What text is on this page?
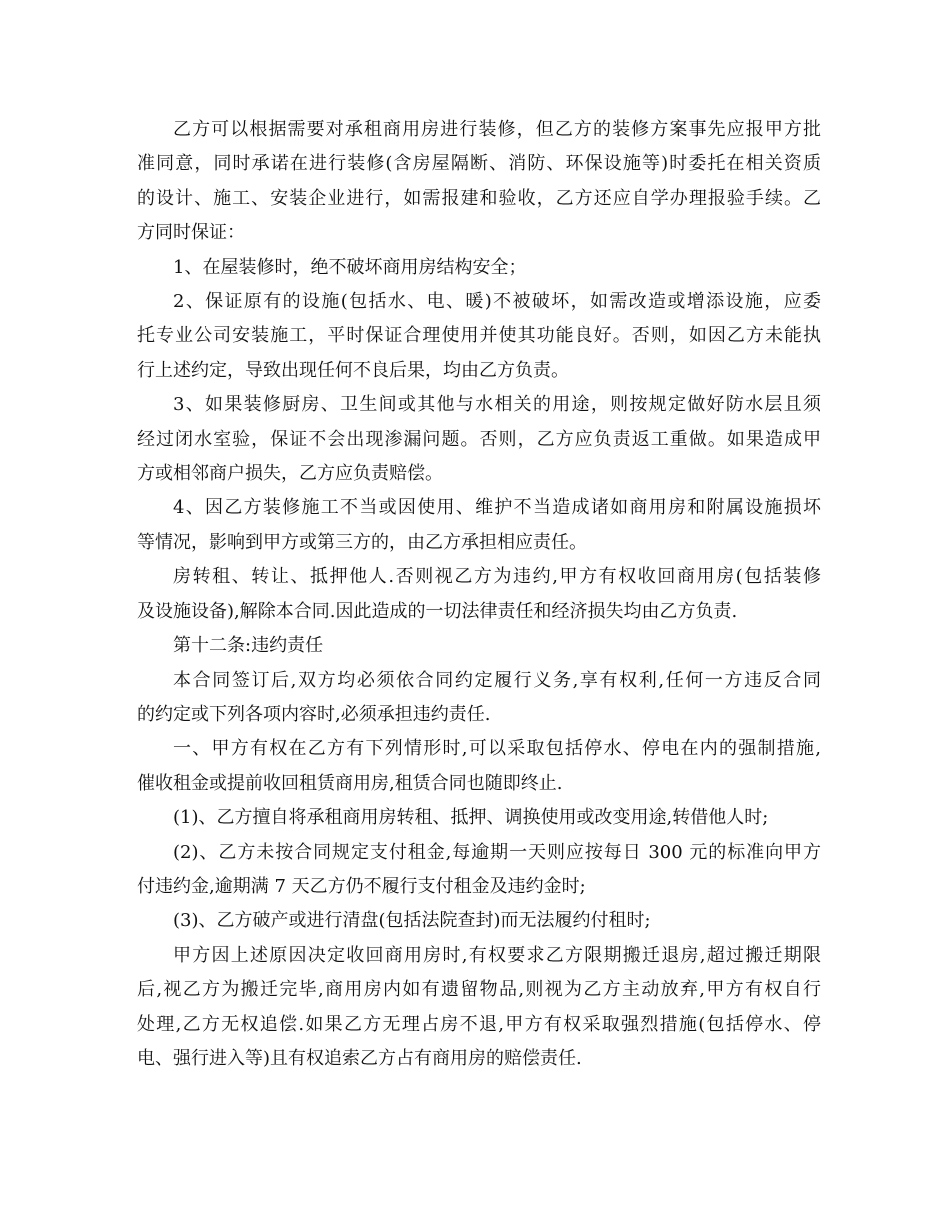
乙方可以根据需要对承租商用房进行装修，但乙方的装修方案事先应报甲方批
准同意，同时承诺在进行装修(含房屋隔断、消防、环保设施等)时委托在相关资质
的设计、施工、安装企业进行，如需报建和验收，乙方还应自学办理报验手续。乙
方同时保证：

1、在屋装修时，绝不破坏商用房结构安全；

2、保证原有的设施(包括水、电、暖)不被破坏，如需改造或增添设施，应委
托专业公司安装施工，平时保证合理使用并使其功能良好。否则，如因乙方未能执
行上述约定，导致出现任何不良后果，均由乙方负责。

3、如果装修厨房、卫生间或其他与水相关的用途，则按规定做好防水层且须
经过闭水室验，保证不会出现渗漏问题。否则，乙方应负责返工重做。如果造成甲
方或相邻商户损失，乙方应负责赔偿。

4、因乙方装修施工不当或因使用、维护不当造成诸如商用房和附属设施损坏
等情况，影响到甲方或第三方的，由乙方承担相应责任。

房转租、转让、抵押他人.否则视乙方为违约,甲方有权收回商用房(包括装修
及设施设备),解除本合同.因此造成的一切法律责任和经济损失均由乙方负责.

第十二条:违约责任

本合同签订后,双方均必须依合同约定履行义务,享有权利,任何一方违反合同
的约定或下列各项内容时,必须承担违约责任.

一、甲方有权在乙方有下列情形时,可以采取包括停水、停电在内的强制措施,
催收租金或提前收回租赁商用房,租赁合同也随即终止.

(1)、乙方擅自将承租商用房转租、抵押、调换使用或改变用途,转借他人时;

(2)、乙方未按合同规定支付租金,每逾期一天则应按每日 300 元的标准向甲方
付违约金,逾期满 7 天乙方仍不履行支付租金及违约金时;

(3)、乙方破产或进行清盘(包括法院查封)而无法履约付租时;

甲方因上述原因决定收回商用房时,有权要求乙方限期搬迁退房,超过搬迁期限
后,视乙方为搬迁完毕,商用房内如有遗留物品,则视为乙方主动放弃,甲方有权自行
处理,乙方无权追偿.如果乙方无理占房不退,甲方有权采取强烈措施(包括停水、停
电、强行进入等)且有权追索乙方占有商用房的赔偿责任.
